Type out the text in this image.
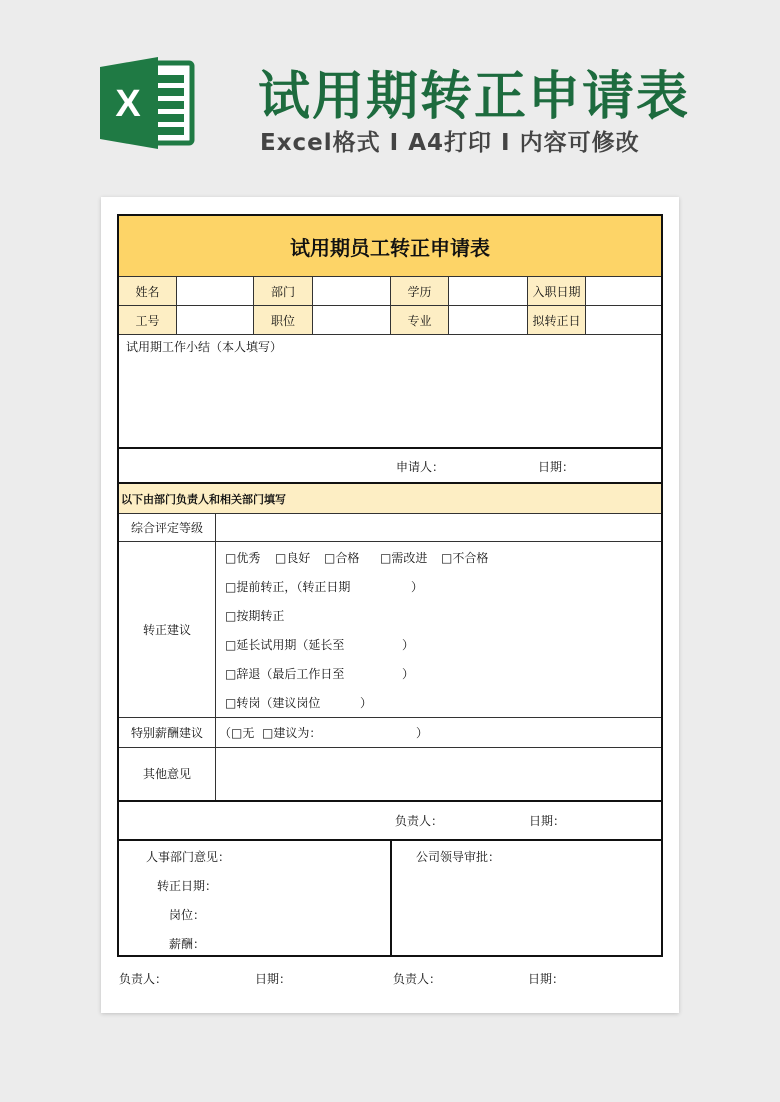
X 试用期转正申请表
Excel格式 I A4打印 I 内容可修改
试用期员工转正申请表
姓名	部门	学历	入职日期
工号	职位	专业	拟转正日
试用期工作小结（本人填写）
申请人：	日期：
以下由部门负责人和相关部门填写
综合评定等级
转正建议
□优秀 □良好 □合格 □需改进 □不合格
□提前转正，（转正日期	）
□按期转正
□延长试用期（延长至	）
□辞退（最后工作日至	）
□转岗（建议岗位	）
特别薪酬建议	（□无 □建议为：	）
其他意见
负责人：	日期：
人事部门意见：
转正日期：
岗位：
薪酬：
公司领导审批：
负责人：	日期：	负责人：	日期：
